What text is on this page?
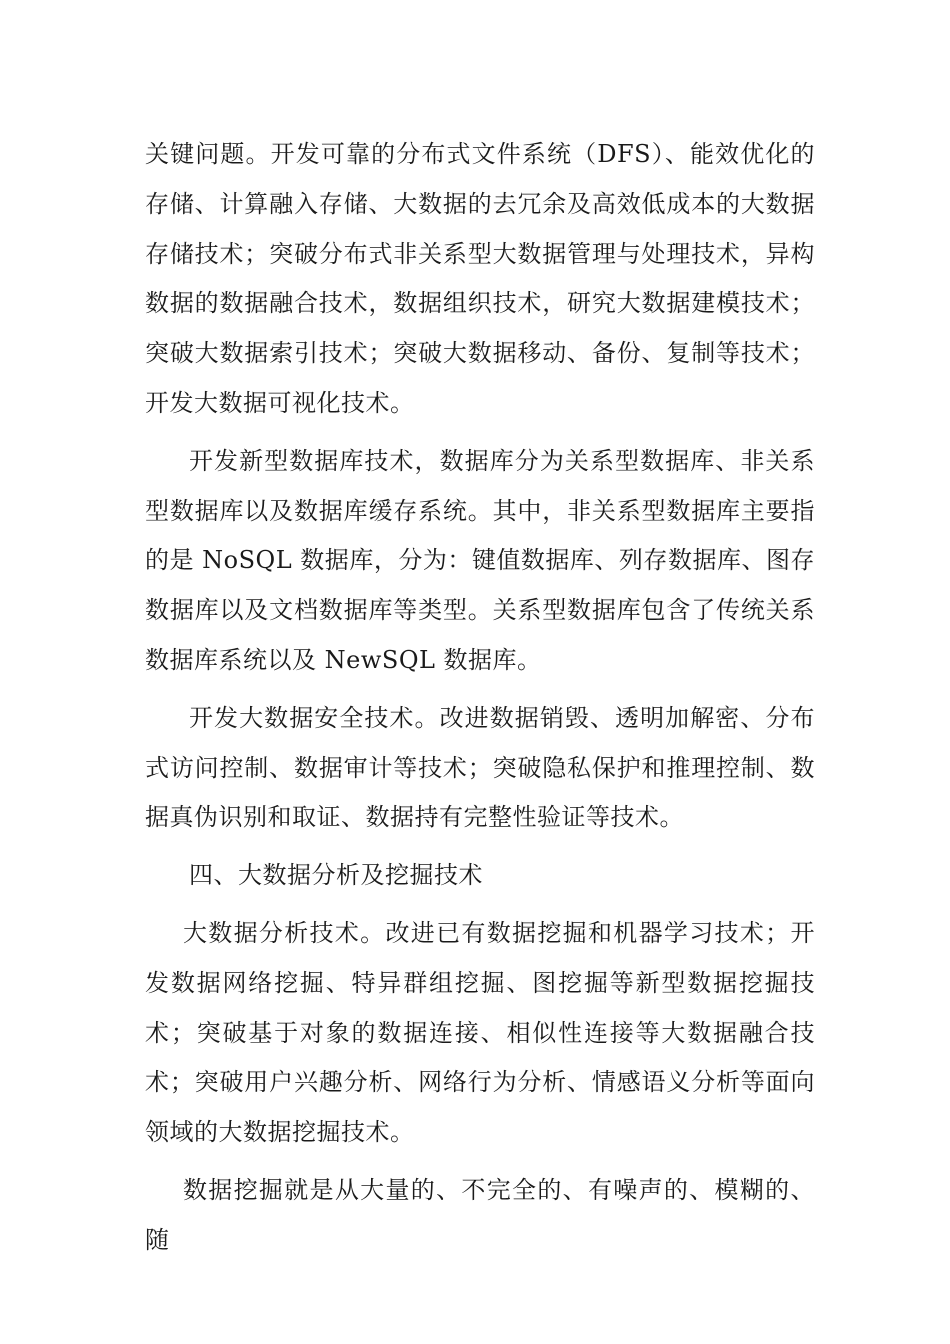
关键问题。开发可靠的分布式文件系统（DFS）、能效优化的存储、计算融入存储、大数据的去冗余及高效低成本的大数据存储技术；突破分布式非关系型大数据管理与处理技术，异构数据的数据融合技术，数据组织技术，研究大数据建模技术；突破大数据索引技术；突破大数据移动、备份、复制等技术；开发大数据可视化技术。

开发新型数据库技术，数据库分为关系型数据库、非关系型数据库以及数据库缓存系统。其中，非关系型数据库主要指的是 NoSQL 数据库，分为：键值数据库、列存数据库、图存数据库以及文档数据库等类型。关系型数据库包含了传统关系数据库系统以及 NewSQL 数据库。

开发大数据安全技术。改进数据销毁、透明加解密、分布式访问控制、数据审计等技术；突破隐私保护和推理控制、数据真伪识别和取证、数据持有完整性验证等技术。

四、大数据分析及挖掘技术

大数据分析技术。改进已有数据挖掘和机器学习技术；开发数据网络挖掘、特异群组挖掘、图挖掘等新型数据挖掘技术；突破基于对象的数据连接、相似性连接等大数据融合技术；突破用户兴趣分析、网络行为分析、情感语义分析等面向领域的大数据挖掘技术。

数据挖掘就是从大量的、不完全的、有噪声的、模糊的、随
